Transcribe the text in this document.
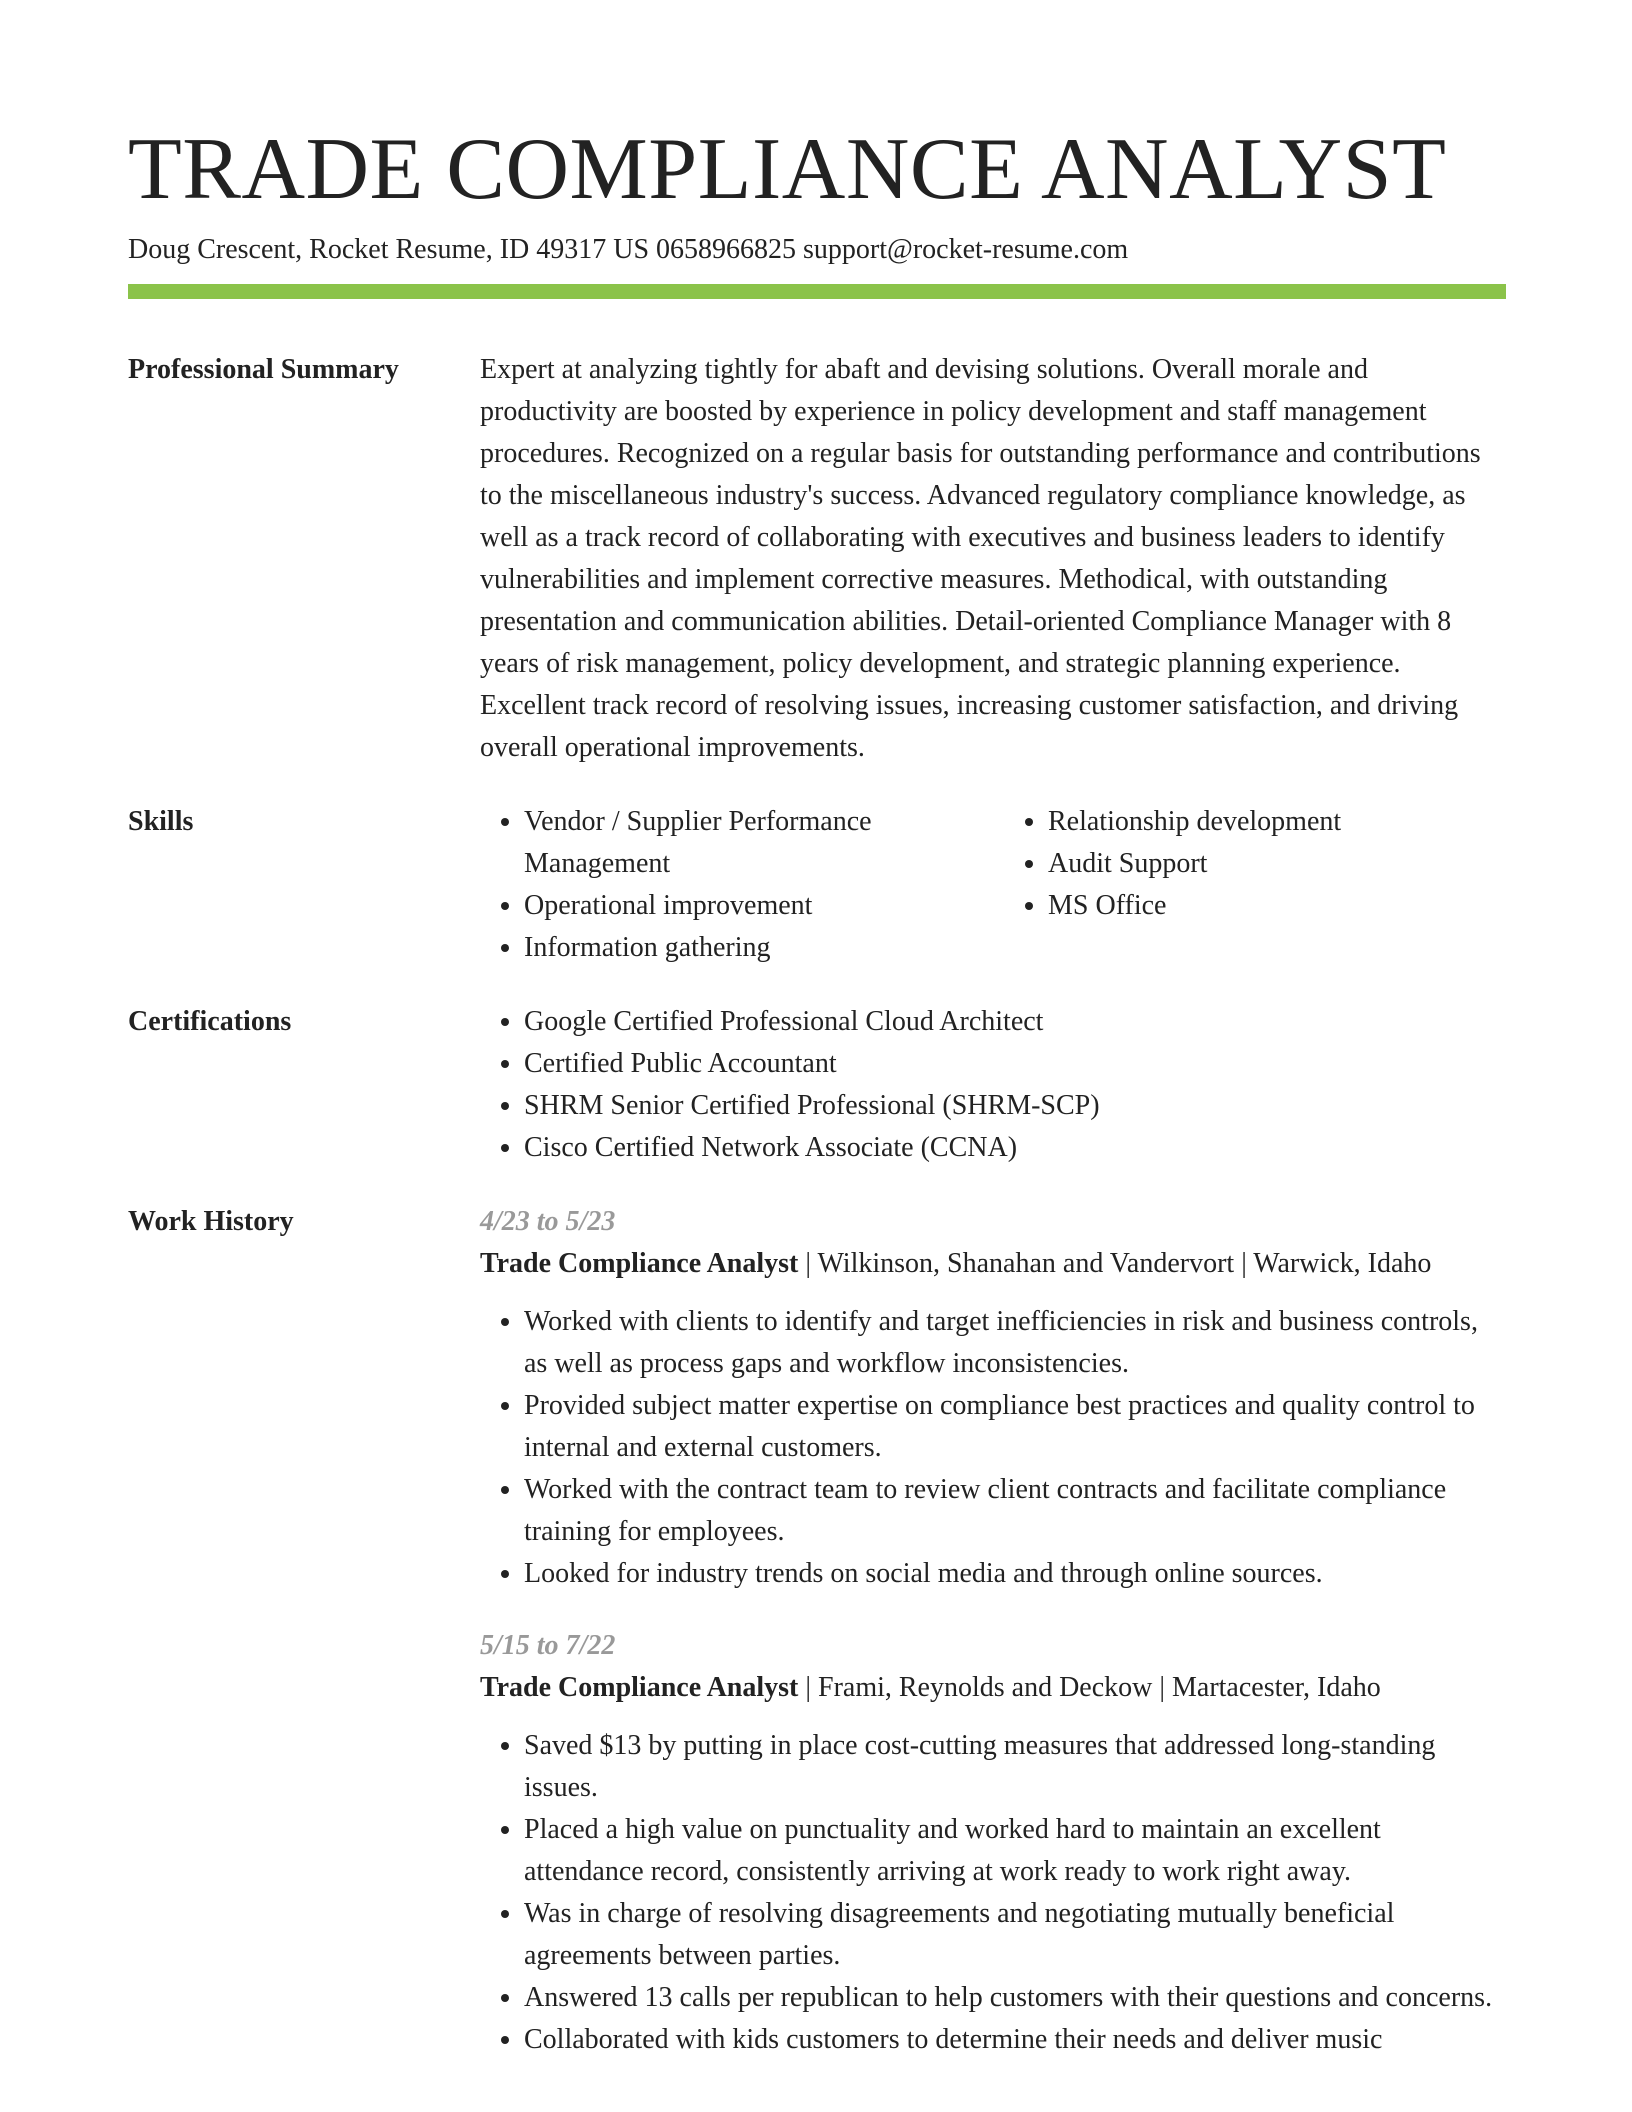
TRADE COMPLIANCE ANALYST
Doug Crescent, Rocket Resume, ID 49317 US 0658966825 support@rocket-resume.com
Professional Summary	Expert at analyzing tightly for abaft and devising solutions. Overall morale and productivity are boosted by experience in policy development and staff management procedures. Recognized on a regular basis for outstanding performance and contributions to the miscellaneous industry's success. Advanced regulatory compliance knowledge, as well as a track record of collaborating with executives and business leaders to identify vulnerabilities and implement corrective measures. Methodical, with outstanding presentation and communication abilities. Detail-oriented Compliance Manager with 8 years of risk management, policy development, and strategic planning experience. Excellent track record of resolving issues, increasing customer satisfaction, and driving overall operational improvements.

Skills	• Vendor / Supplier Performance Management
• Operational improvement
• Information gathering
• Relationship development
• Audit Support
• MS Office
Certifications	• Google Certified Professional Cloud Architect
• Certified Public Accountant
• SHRM Senior Certified Professional (SHRM-SCP)
• Cisco Certified Network Associate (CCNA)
Work History	4/23 to 5/23
Trade Compliance Analyst | Wilkinson, Shanahan and Vandervort | Warwick, Idaho
• Worked with clients to identify and target inefficiencies in risk and business controls, as well as process gaps and workflow inconsistencies.
• Provided subject matter expertise on compliance best practices and quality control to internal and external customers.
• Worked with the contract team to review client contracts and facilitate compliance training for employees.
• Looked for industry trends on social media and through online sources.
5/15 to 7/22
Trade Compliance Analyst | Frami, Reynolds and Deckow | Martacester, Idaho
• Saved $13 by putting in place cost-cutting measures that addressed long-standing issues.
• Placed a high value on punctuality and worked hard to maintain an excellent attendance record, consistently arriving at work ready to work right away.
• Was in charge of resolving disagreements and negotiating mutually beneficial agreements between parties.
• Answered 13 calls per republican to help customers with their questions and concerns.
• Collaborated with kids customers to determine their needs and deliver music
